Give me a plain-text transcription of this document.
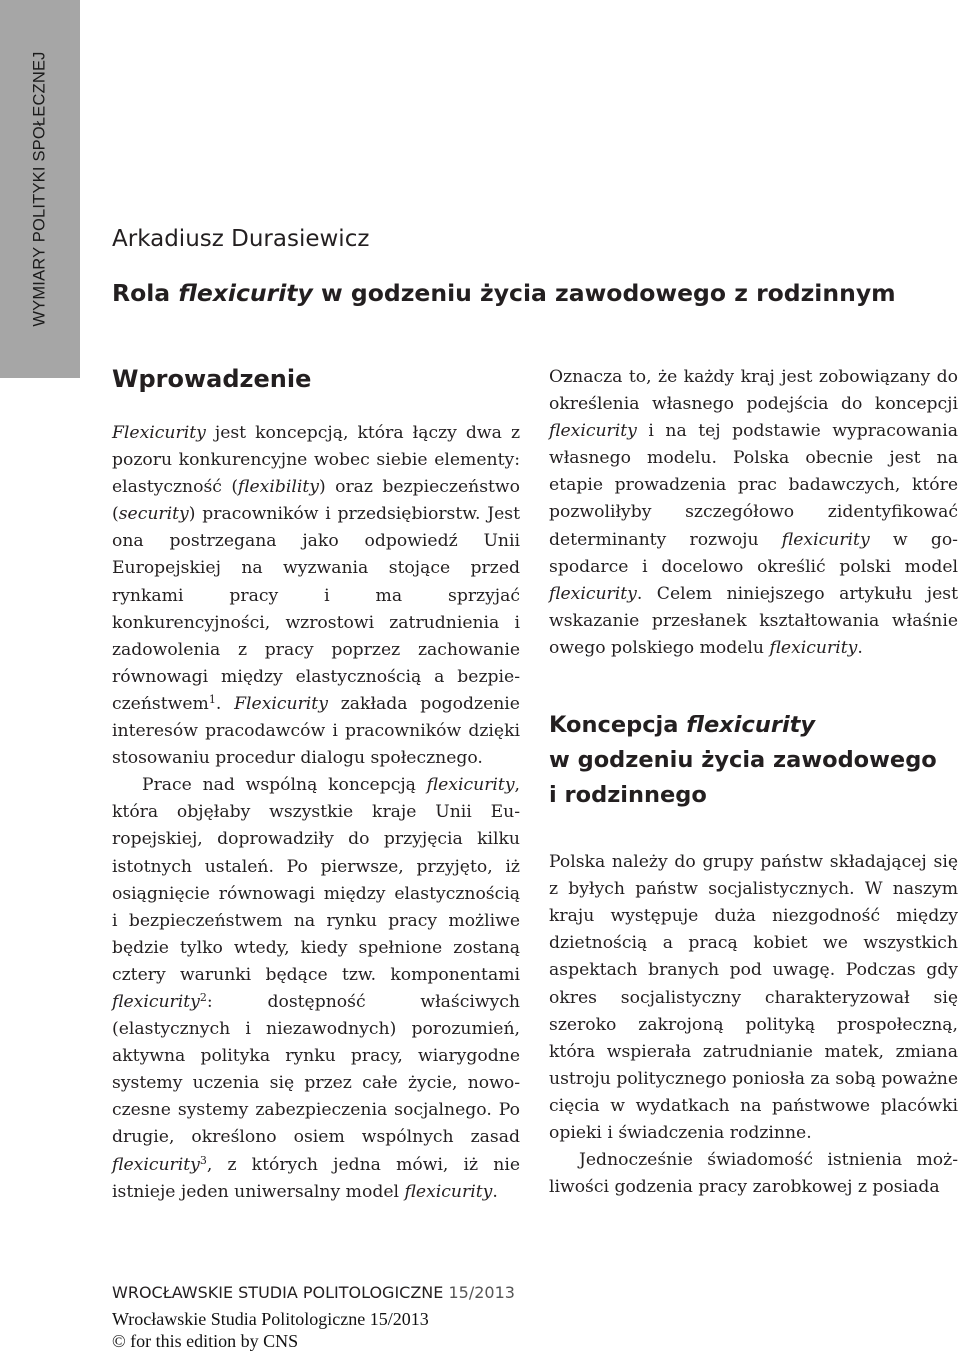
WYMIARY POLITYKI SPOŁECZNEJ	Arkadiusz Durasiewicz
Rola flexicurity w godzeniu życia zawodowego z rodzinnym
Wprowadzenie

Flexicurity jest koncepcją, która łączy dwa z pozoru konkurencyjne wobec siebie elementy: elastyczność (flexibility) oraz bezpieczeństwo (security) pracowników i przedsiębiorstw. Jest ona postrzegana jako odpowiedź Unii Europejskiej na wyzwania stojące przed rynkami pracy i ma sprzyjać konkurencyjności, wzrostowi zatrudnienia i zadowolenia z pracy poprzez zachowanie równowagi między elastycznością a bezpieczeństwem$^1$. Flexicurity zakłada pogodzenie interesów pracodawców i pracowników dzięki stosowaniu procedur dialogu społecznego.

Prace nad wspólną koncepcją flexicurity, która objęłaby wszystkie kraje Unii Europejskiej, doprowadziły do przyjęcia kilku istotnych ustaleń. Po pierwsze, przyjęto, iż osiągnięcie równowagi między elastycznością i bezpieczeństwem na rynku pracy możliwe będzie tylko wtedy, kiedy spełnione zostaną cztery warunki będące tzw. komponentami flexicurity$^2$: dostępność właściwych (elastycznych i niezawodnych) porozumień, aktywna polityka rynku pracy, wiarygodne systemy uczenia się przez całe życie, nowoczesne systemy zabezpieczenia socjalnego. Po drugie, określono osiem wspólnych zasad flexicurity$^3$, z których jedna mówi, iż nie istnieje jeden uniwersalny model flexicurity.

Oznacza to, że każdy kraj jest zobowiązany do określenia własnego podejścia do koncepcji flexicurity i na tej podstawie wypracowania własnego modelu. Polska obecnie jest na etapie prowadzenia prac badawczych, które pozwoliłyby szczegółowo zidentyfikować determinanty rozwoju flexicurity w gospodarce i docelowo określić polski model flexicurity. Celem niniejszego artykułu jest wskazanie przesłanek kształtowania właśnie owego polskiego modelu flexicurity.

Koncepcja flexicurity
w godzeniu życia zawodowego
i rodzinnego

Polska należy do grupy państw składającej się z byłych państw socjalistycznych. W naszym kraju występuje duża niezgodność między dzietnością a pracą kobiet we wszystkich aspektach branych pod uwagę. Podczas gdy okres socjalistyczny charakteryzował się szeroko zakrojoną polityką prospołeczną, która wspierała zatrudnianie matek, zmiana ustroju politycznego poniosła za sobą poważne cięcia w wydatkach na państwowe placówki opieki i świadczenia rodzinne.

Jednocześnie świadomość istnienia możliwości godzenia pracy zarobkowej z posiada

WROCŁAWSKIE STUDIA POLITOLOGICZNE 15/2013
Wrocławskie Studia Politologiczne 15/2013
© for this edition by CNS
